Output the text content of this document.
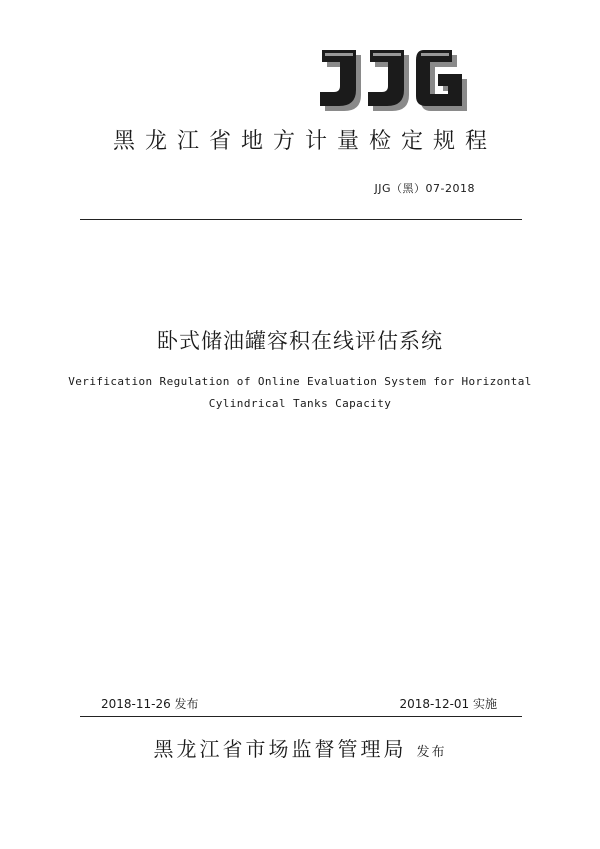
黑龙江省地方计量检定规程
JJG（黑）07-2018
卧式储油罐容积在线评估系统
Verification Regulation of Online Evaluation System for Horizontal
Cylindrical Tanks Capacity
2018-11-26 发布	2018-12-01 实施
黑龙江省市场监督管理局 发布
